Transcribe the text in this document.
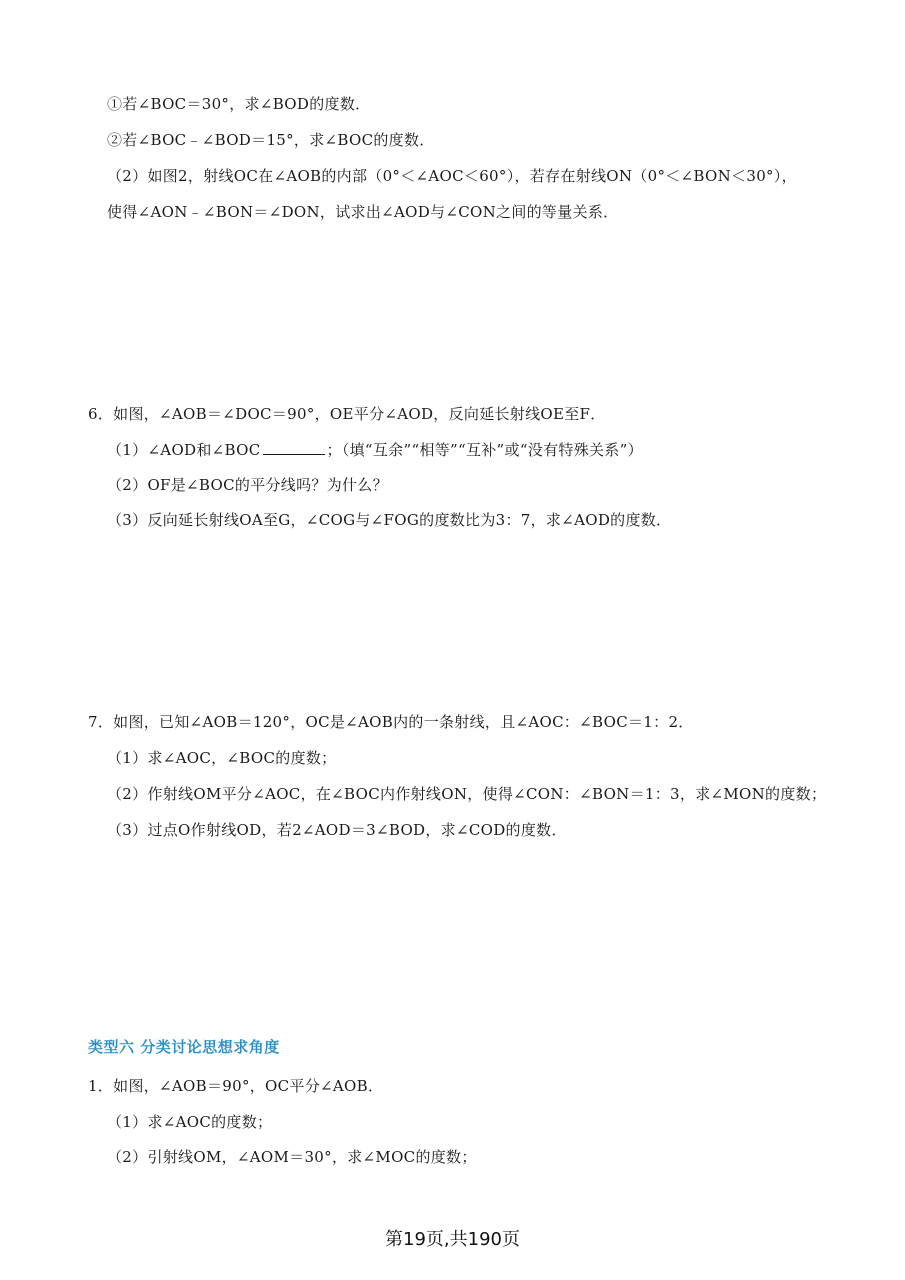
①若∠BOC＝30°，求∠BOD的度数．
②若∠BOC﹣∠BOD＝15°，求∠BOC的度数．
（2）如图2，射线OC在∠AOB的内部（0°＜∠AOC＜60°），若存在射线ON（0°＜∠BON＜30°），
使得∠AON﹣∠BON＝∠DON，试求出∠AOD与∠CON之间的等量关系．
6．如图，∠AOB＝∠DOC＝90°，OE平分∠AOD，反向延长射线OE至F．
（1）∠AOD和∠BOC	；（填“互余”“相等”“互补”或“没有特殊关系”）
（2）OF是∠BOC的平分线吗？为什么？
（3）反向延长射线OA至G，∠COG与∠FOG的度数比为3：7，求∠AOD的度数．
7．如图，已知∠AOB＝120°，OC是∠AOB内的一条射线，且∠AOC：∠BOC＝1：2．
（1）求∠AOC，∠BOC的度数；
（2）作射线OM平分∠AOC，在∠BOC内作射线ON，使得∠CON：∠BON＝1：3，求∠MON的度数；
（3）过点O作射线OD，若2∠AOD＝3∠BOD，求∠COD的度数．
类型六 分类讨论思想求角度
1．如图，∠AOB＝90°，OC平分∠AOB．
（1）求∠AOC的度数；
（2）引射线OM，∠AOM＝30°，求∠MOC的度数；
第19页,共190页
